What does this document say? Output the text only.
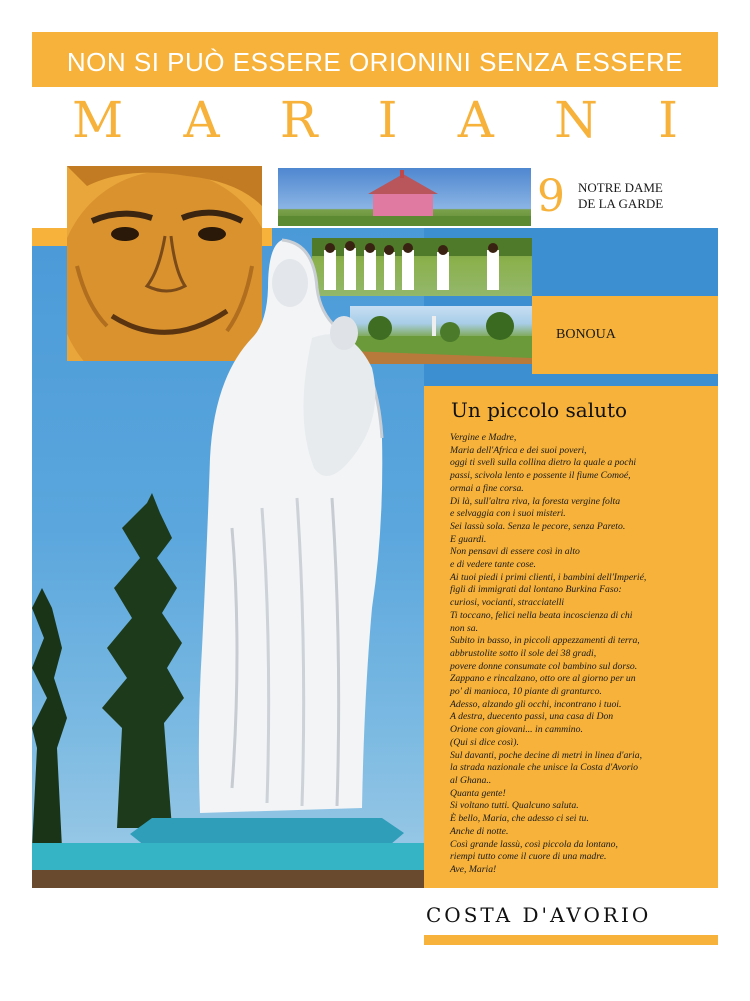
NON SI PUÒ ESSERE ORIONINI SENZA ESSERE
M A R I A N I
9 NOTRE DAME
DE LA GARDE
BONOUA
Un piccolo saluto
Vergine e Madre,
Maria dell'Africa e dei suoi poveri,
oggi ti svelì sulla collina dietro la quale a pochi
passi, scivola lento e possente il fiume Comoé,
ormai a fine corsa.
Di là, sull'altra riva, la foresta vergine folta
e selvaggia con i suoi misteri.
Sei lassù sola. Senza le pecore, senza Pareto.
E guardi.
Non pensavi di essere così in alto
e di vedere tante cose.
Ai tuoi piedi i primi clienti, i bambini dell'Imperié,
figli di immigrati dal lontano Burkina Faso:
curiosi, vocianti, stracciatelli
Ti toccano, felici nella beata incoscienza di chi
non sa.
Subito in basso, in piccoli appezzamenti di terra,
abbrustolite sotto il sole dei 38 gradi,
povere donne consumate col bambino sul dorso.
Zappano e rincalzano, otto ore al giorno per un
po' di manioca, 10 piante di granturco.
Adesso, alzando gli occhi, incontrano i tuoi.
A destra, duecento passi, una casa di Don
Orione con giovani... in cammino.
(Qui si dice così).
Sul davanti, poche decine di metri in linea d'aria,
la strada nazionale che unisce la Costa d'Avorio
al Ghana..
Quanta gente!
Si voltano tutti. Qualcuno saluta.
È bello, Maria, che adesso ci sei tu.
Anche di notte.
Così grande lassù, così piccola da lontano,
riempi tutto come il cuore di una madre.
Ave, Maria!
COSTA D'AVORIO
